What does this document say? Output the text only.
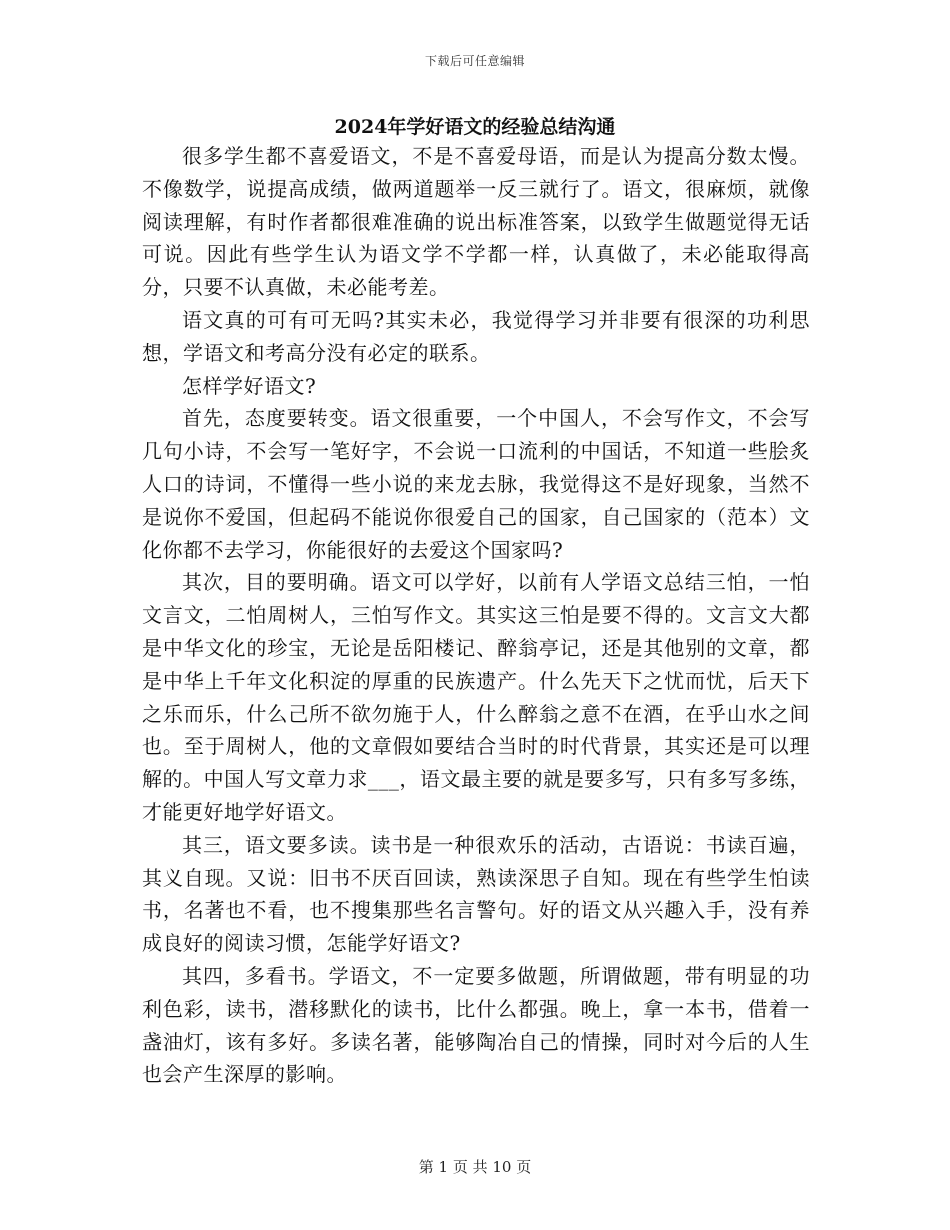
下载后可任意编辑
2024年学好语文的经验总结沟通

很多学生都不喜爱语文，不是不喜爱母语，而是认为提高分数太慢。不像数学，说提高成绩，做两道题举一反三就行了。语文，很麻烦，就像阅读理解，有时作者都很难准确的说出标准答案，以致学生做题觉得无话可说。因此有些学生认为语文学不学都一样，认真做了，未必能取得高分，只要不认真做，未必能考差。

语文真的可有可无吗?其实未必，我觉得学习并非要有很深的功利思想，学语文和考高分没有必定的联系。

怎样学好语文?

首先，态度要转变。语文很重要，一个中国人，不会写作文，不会写几句小诗，不会写一笔好字，不会说一口流利的中国话，不知道一些脍炙人口的诗词，不懂得一些小说的来龙去脉，我觉得这不是好现象，当然不是说你不爱国，但起码不能说你很爱自己的国家，自己国家的（范本）文化你都不去学习，你能很好的去爱这个国家吗?

其次，目的要明确。语文可以学好，以前有人学语文总结三怕，一怕文言文，二怕周树人，三怕写作文。其实这三怕是要不得的。文言文大都是中华文化的珍宝，无论是岳阳楼记、醉翁亭记，还是其他别的文章，都是中华上千年文化积淀的厚重的民族遗产。什么先天下之忧而忧，后天下之乐而乐，什么己所不欲勿施于人，什么醉翁之意不在酒，在乎山水之间也。至于周树人，他的文章假如要结合当时的时代背景，其实还是可以理解的。中国人写文章力求___，语文最主要的就是要多写，只有多写多练，才能更好地学好语文。

其三，语文要多读。读书是一种很欢乐的活动，古语说：书读百遍，其义自现。又说：旧书不厌百回读，熟读深思子自知。现在有些学生怕读书，名著也不看，也不搜集那些名言警句。好的语文从兴趣入手，没有养成良好的阅读习惯，怎能学好语文?

其四，多看书。学语文，不一定要多做题，所谓做题，带有明显的功利色彩，读书，潜移默化的读书，比什么都强。晚上，拿一本书，借着一盏油灯，该有多好。多读名著，能够陶冶自己的情操，同时对今后的人生也会产生深厚的影响。

第 1 页 共 10 页
